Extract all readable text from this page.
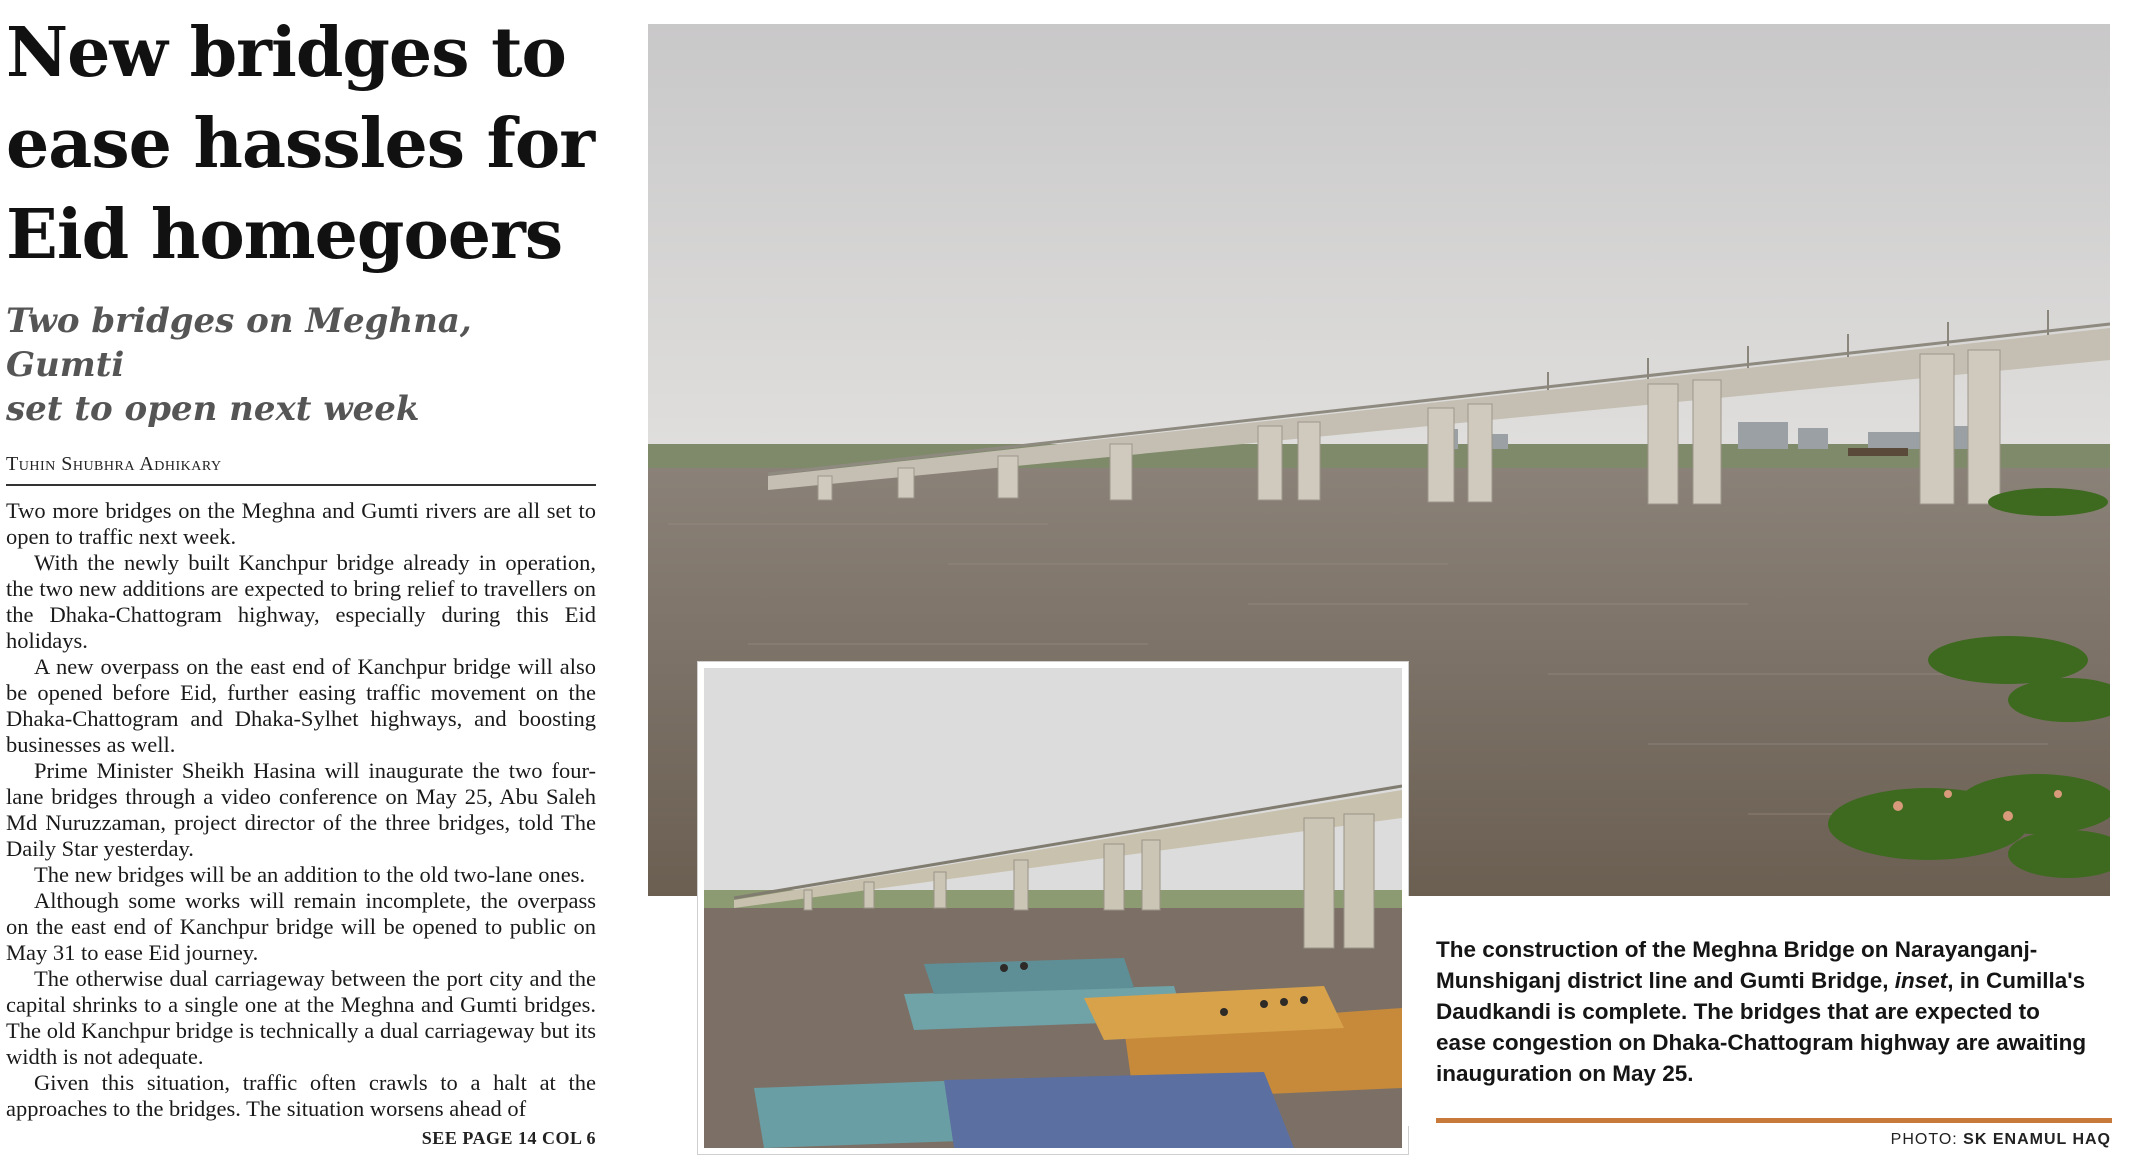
New bridges to
ease hassles for
Eid homegoers
Two bridges on Meghna, Gumti
set to open next week
Tuhin Shubhra Adhikary

Two more bridges on the Meghna and Gumti rivers are all set to open to traffic next week.

With the newly built Kanchpur bridge already in operation, the two new additions are expected to bring relief to travellers on the Dhaka-Chattogram highway, especially during this Eid holidays.

A new overpass on the east end of Kanchpur bridge will also be opened before Eid, further easing traffic movement on the Dhaka-Chattogram and Dhaka-Sylhet highways, and boosting businesses as well.

Prime Minister Sheikh Hasina will inaugurate the two four-lane bridges through a video conference on May 25, Abu Saleh Md Nuruzzaman, project director of the three bridges, told The Daily Star yesterday.

The new bridges will be an addition to the old two-lane ones.

Although some works will remain incomplete, the overpass on the east end of Kanchpur bridge will be opened to public on May 31 to ease Eid journey.

The otherwise dual carriageway between the port city and the capital shrinks to a single one at the Meghna and Gumti bridges. The old Kanchpur bridge is technically a dual carriageway but its width is not adequate.

Given this situation, traffic often crawls to a halt at the approaches to the bridges. The situation worsens ahead of

SEE PAGE 14 COL 6
The construction of the Meghna Bridge on Narayanganj-Munshiganj district line and Gumti Bridge, inset, in Cumilla's Daudkandi is complete. The bridges that are expected to ease congestion on Dhaka-Chattogram highway are awaiting inauguration on May 25.
PHOTO: SK ENAMUL HAQ
